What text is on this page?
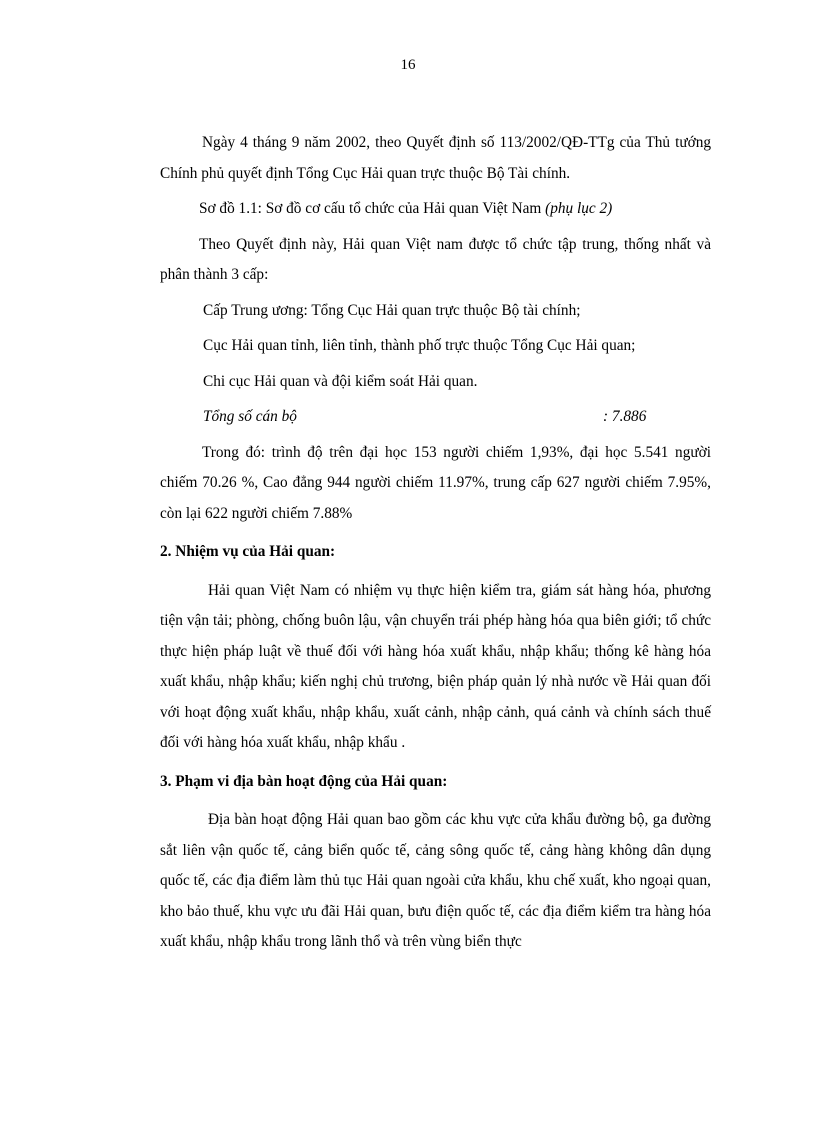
16

Ngày 4 tháng 9 năm 2002, theo Quyết định số 113/2002/QĐ-TTg của Thủ tướng Chính phủ quyết định Tổng Cục Hải quan trực thuộc Bộ Tài chính.

Sơ đồ 1.1: Sơ đồ cơ cấu tổ chức của Hải quan Việt Nam (phụ lục 2)

Theo Quyết định này, Hải quan Việt nam được tổ chức tập trung, thống nhất và phân thành 3 cấp:

Cấp Trung ương: Tổng Cục Hải quan trực thuộc Bộ tài chính;

Cục Hải quan tỉnh, liên tỉnh, thành phố trực thuộc Tổng Cục Hải quan;

Chi cục Hải quan và đội kiểm soát Hải quan.

Tổng số cán bộ	: 7.886

Trong đó: trình độ trên đại học 153 người chiếm 1,93%, đại học 5.541 người chiếm 70.26 %, Cao đẳng 944 người chiếm 11.97%, trung cấp 627 người chiếm 7.95%, còn lại 622 người chiếm 7.88%

2. Nhiệm vụ của Hải quan:

Hải quan Việt Nam có nhiệm vụ thực hiện kiểm tra, giám sát hàng hóa, phương tiện vận tải; phòng, chống buôn lậu, vận chuyển trái phép hàng hóa qua biên giới; tổ chức thực hiện pháp luật về thuế đối với hàng hóa xuất khẩu, nhập khẩu; thống kê hàng hóa xuất khẩu, nhập khẩu; kiến nghị chủ trương, biện pháp quản lý nhà nước về Hải quan đối với hoạt động xuất khẩu, nhập khẩu, xuất cảnh, nhập cảnh, quá cảnh và chính sách thuế đối với hàng hóa xuất khẩu, nhập khẩu .

3. Phạm vi địa bàn hoạt động của Hải quan:

Địa bàn hoạt động Hải quan bao gồm các khu vực cửa khẩu đường bộ, ga đường sắt liên vận quốc tế, cảng biển quốc tế, cảng sông quốc tế, cảng hàng không dân dụng quốc tế, các địa điểm làm thủ tục Hải quan ngoài cửa khẩu, khu chế xuất, kho ngoại quan, kho bảo thuế, khu vực ưu đãi Hải quan, bưu điện quốc tế, các địa điểm kiểm tra hàng hóa xuất khẩu, nhập khẩu trong lãnh thổ và trên vùng biển thực
